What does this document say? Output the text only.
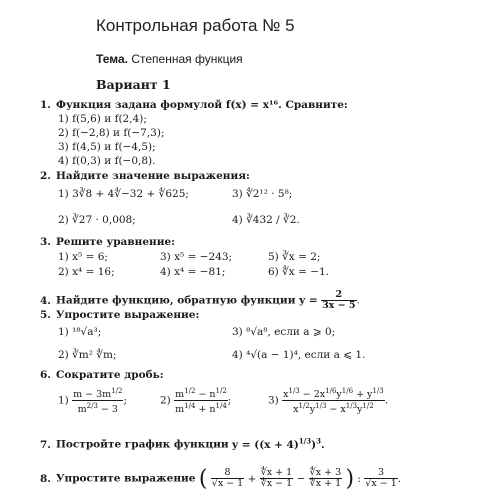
Контрольная работа № 5
Тема. Степенная функция
Вариант 1
1. Функция задана формулой f(x) = x¹⁶. Сравните:
1) f(5,6) и f(2,4);
2) f(−2,8) и f(−7,3);
3) f(4,5) и f(−4,5);
4) f(0,3) и f(−0,8).
2. Найдите значение выражения:
1) 3∛8 + 4∜−32 + ∜625;	3) ∜2¹² · 5⁸;
2) ∛27 · 0,008;	4) ∛432 / ∛2.
3. Решите уравнение:
1) x⁵ = 6;	3) x⁵ = −243;	5) ∛x = 2;
2) x⁴ = 16;	4) x⁴ = −81;	6) ∜x = −1.
4. Найдите функцию, обратную функции $y = \frac{2}{3x - 5}$ .
5. Упростите выражение:
1) ¹⁸√a³;	3) ⁸√a⁸, если a ⩾ 0;
2) ∛m² ∜m;	4) ⁴√(a − 1)⁴, если a ⩽ 1.
6. Сократите дробь:
$1) \frac{m - 3m^{1/2}}{m^{2/3} - 3}$ ;	$2) \frac{m^{1/2} - n^{1/2}}{m^{1/4} + n^{1/4}}$ ;	$3) \frac{x^{1/3} - 2x^{1/6}y^{1/6} + y^{1/3}}{x^{1/2}y^{1/3} - x^{1/3}y^{1/2}}$ .
7. Постройте график функции $y = ((x + 4)^{1/3})^3$.
8. Упростите выражение ( $\frac{8}{√x - 1} + \frac{∜x + 1}{∜x - 1} - \frac{∜x + 3}{∜x + 1}$ ) : $\frac{3}{√x - 1}$ .
